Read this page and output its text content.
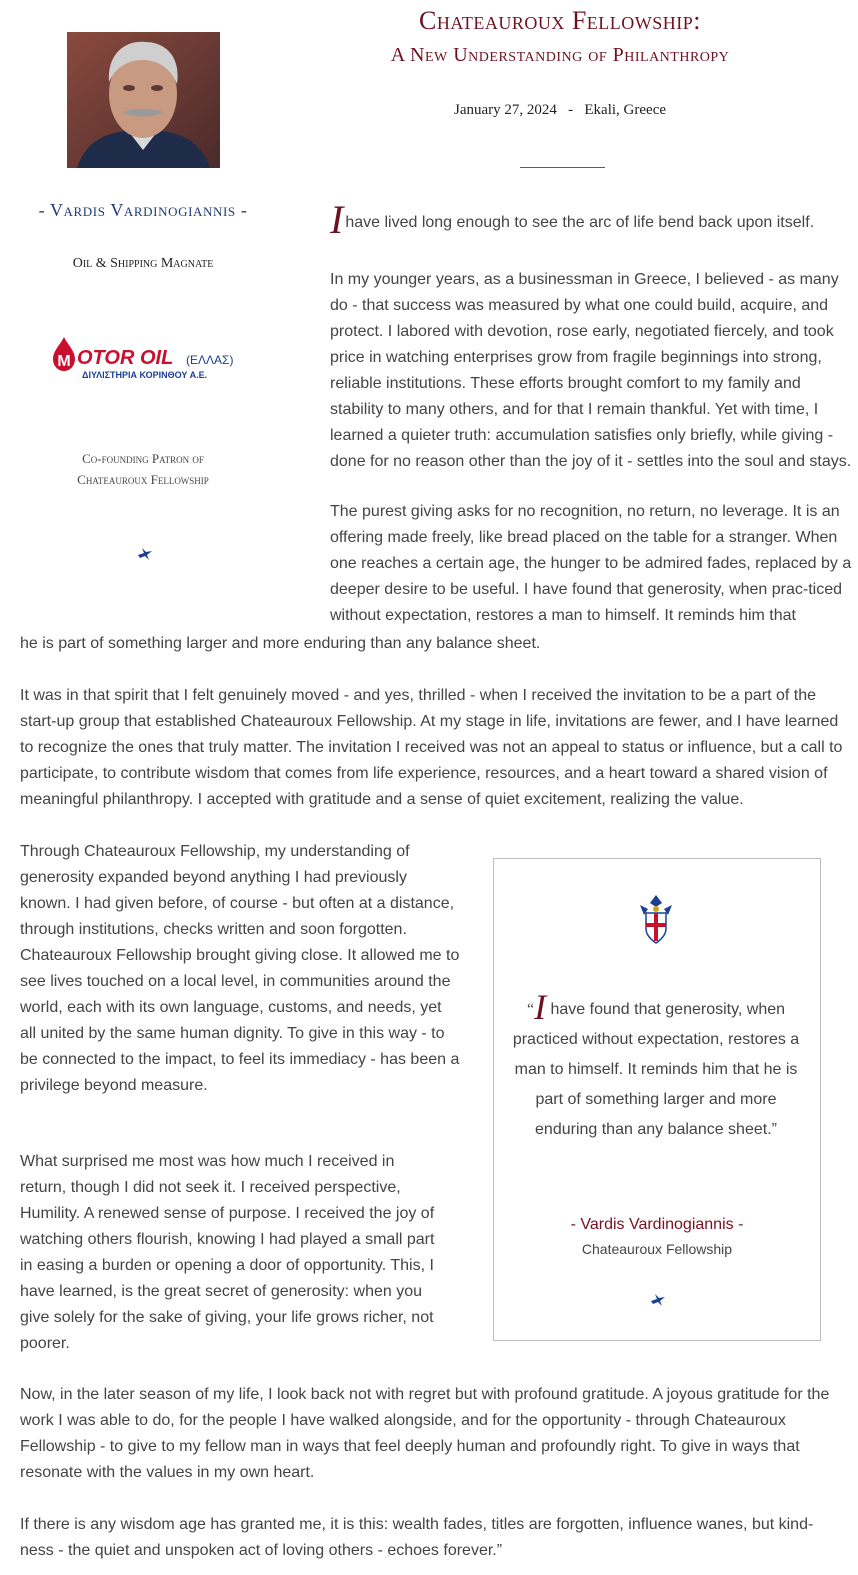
Chateauroux Fellowship:
A New Understanding of Philanthropy
January 27, 2024 - Ekali, Greece
- Vardis Vardinogiannis -
Oil & Shipping Magnate
M OTOR OIL (ΕΛΛΑΣ)
ΔΙΥΛΙΣΤΗΡΙΑ ΚΟΡΙΝΘΟΥ Α.Ε.
Co-founding Patron of
Chateauroux Fellowship
Ihave lived long enough to see the arc of life bend back upon itself.
In my younger years, as a businessman in Greece, I believed - as many do - that success was measured by what one could build, acquire, and protect. I labored with devotion, rose early, negotiated fiercely, and took price in watching enterprises grow from fragile beginnings into strong, reliable institutions. These efforts brought comfort to my family and stability to many others, and for that I remain thankful. Yet with time, I learned a quieter truth: accumulation satisfies only briefly, while giving - done for no reason other than the joy of it - settles into the soul and stays.
The purest giving asks for no recognition, no return, no leverage. It is an offering made freely, like bread placed on the table for a stranger. When one reaches a certain age, the hunger to be admired fades, replaced by a deeper desire to be useful. I have found that generosity, when prac-ticed without expectation, restores a man to himself. It reminds him that
he is part of something larger and more enduring than any balance sheet.
It was in that spirit that I felt genuinely moved - and yes, thrilled - when I received the invitation to be a part of the start-up group that established Chateauroux Fellowship. At my stage in life, invitations are fewer, and I have learned to recognize the ones that truly matter. The invitation I received was not an appeal to status or influence, but a call to participate, to contribute wisdom that comes from life experience, resources, and a heart toward a shared vision of meaningful philanthropy. I accepted with gratitude and a sense of quiet excitement, realizing the value.
Through Chateauroux Fellowship, my understanding of generosity expanded beyond anything I had previously known. I had given before, of course - but often at a distance, through institutions, checks written and soon forgotten. Chateauroux Fellowship brought giving close. It allowed me to see lives touched on a local level, in communities around the world, each with its own language, customs, and needs, yet all united by the same human dignity. To give in this way - to be connected to the impact, to feel its immediacy - has been a privilege beyond measure.
What surprised me most was how much I received in return, though I did not seek it. I received perspective, Humility. A renewed sense of purpose. I received the joy of watching others flourish, knowing I had played a small part in easing a burden or opening a door of opportunity. This, I have learned, is the great secret of generosity: when you give solely for the sake of giving, your life grows richer, not poorer.
Now, in the later season of my life, I look back not with regret but with profound gratitude. A joyous gratitude for the work I was able to do, for the people I have walked alongside, and for the opportunity - through Chateauroux Fellowship - to give to my fellow man in ways that feel deeply human and profoundly right. To give in ways that resonate with the values in my own heart.
If there is any wisdom age has granted me, it is this: wealth fades, titles are forgotten, influence wanes, but kind-ness - the quiet and unspoken act of loving others - echoes forever.”
“I have found that generosity, when practiced without expectation, restores a man to himself. It reminds him that he is part of something larger and more enduring than any balance sheet.”
- Vardis Vardinogiannis -
Chateauroux Fellowship
